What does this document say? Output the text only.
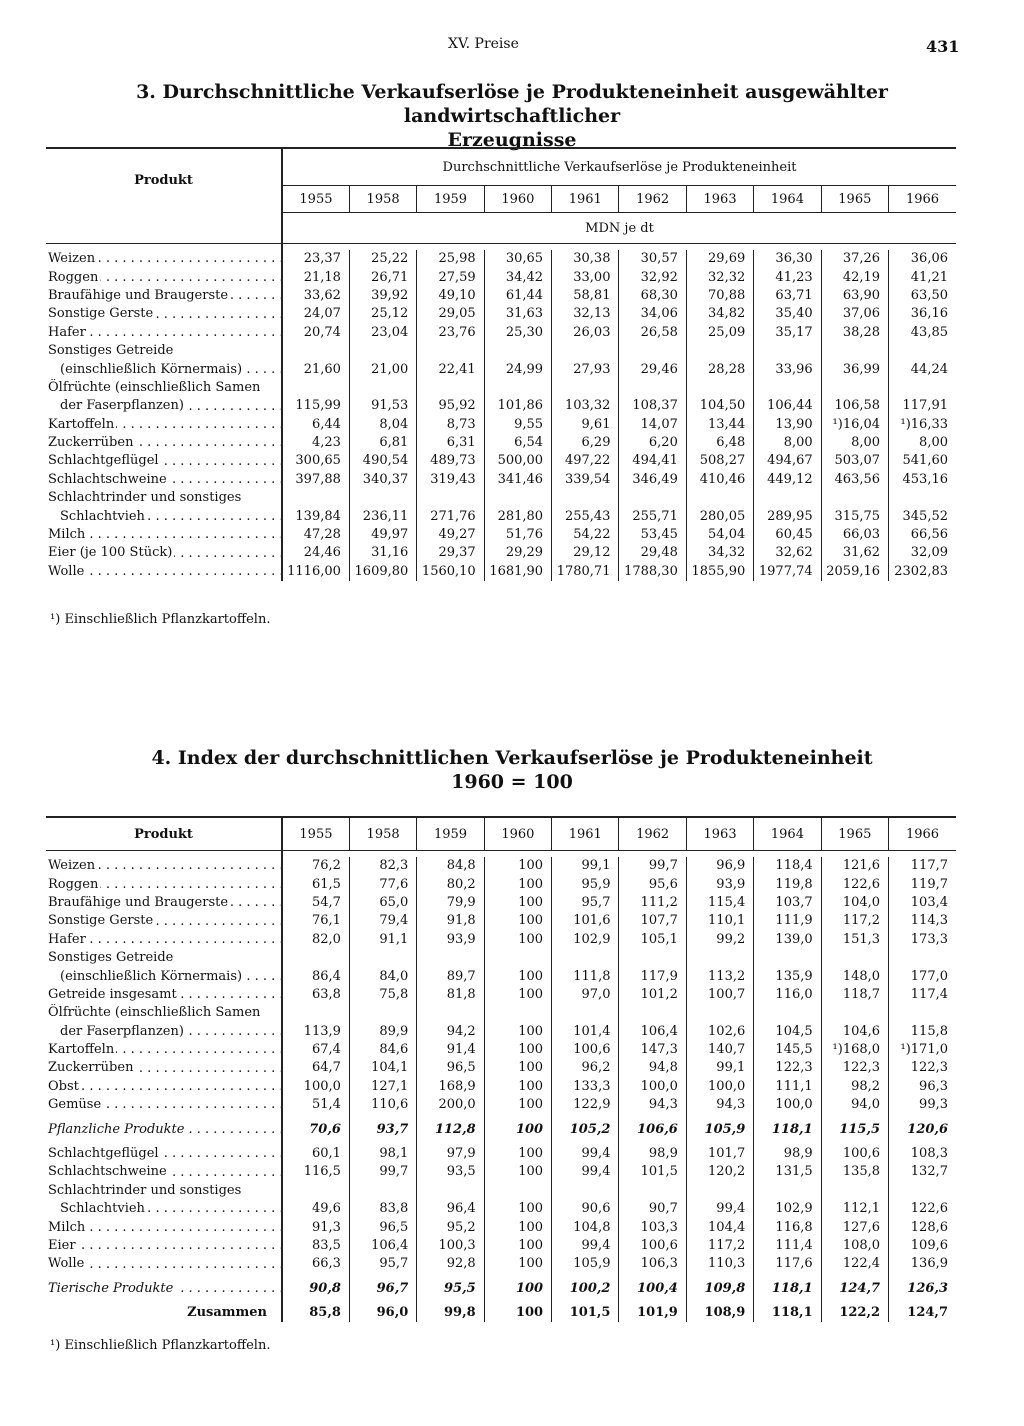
XV. Preise	431
3. Durchschnittliche Verkaufserlöse je Produkteneinheit ausgewählter landwirtschaftlicher
Erzeugnisse
Produkt	Durchschnittliche Verkaufserlöse je Produkteneinheit									
	1955	1958	1959	1960	1961	1962	1963	1964	1965	1966
	MDN je dt									

Weizen . . .	23,37	25,22	25,98	30,65	30,38	30,57	29,69	36,30	37,26	36,06
Roggen . . .	21,18	26,71	27,59	34,42	33,00	32,92	32,32	41,23	42,19	41,21
Braufähige und Braugerste . . .	33,62	39,92	49,10	61,44	58,81	68,30	70,88	63,71	63,90	63,50
Sonstige Gerste . . .	24,07	25,12	29,05	31,63	32,13	34,06	34,82	35,40	37,06	36,16
Hafer . . .	20,74	23,04	23,76	25,30	26,03	26,58	25,09	35,17	38,28	43,85
Sonstiges Getreide										
(einschließlich Körnermais) . . .	21,60	21,00	22,41	24,99	27,93	29,46	28,28	33,96	36,99	44,24
Ölfrüchte (einschließlich Samen										
der Faserpflanzen) . . .	115,99	91,53	95,92	101,86	103,32	108,37	104,50	106,44	106,58	117,91
Kartoffeln . . .	6,44	8,04	8,73	9,55	9,61	14,07	13,44	13,90	¹)16,04	¹)16,33
Zuckerrüben . . .	4,23	6,81	6,31	6,54	6,29	6,20	6,48	8,00	8,00	8,00
Schlachtgeflügel . . .	300,65	490,54	489,73	500,00	497,22	494,41	508,27	494,67	503,07	541,60
Schlachtschweine . . .	397,88	340,37	319,43	341,46	339,54	346,49	410,46	449,12	463,56	453,16
Schlachtrinder und sonstiges										
Schlachtvieh . . .	139,84	236,11	271,76	281,80	255,43	255,71	280,05	289,95	315,75	345,52
Milch . . .	47,28	49,97	49,27	51,76	54,22	53,45	54,04	60,45	66,03	66,56
Eier (je 100 Stück) . . .	24,46	31,16	29,37	29,29	29,12	29,48	34,32	32,62	31,62	32,09
Wolle . . .	1116,00	1609,80	1560,10	1681,90	1780,71	1788,30	1855,90	1977,74	2059,16	2302,83
¹) Einschließlich Pflanzkartoffeln.
4. Index der durchschnittlichen Verkaufserlöse je Produkteneinheit
1960 = 100
Produkt	1955	1958	1959	1960	1961	1962	1963	1964	1965	1966

Weizen . . .	76,2	82,3	84,8	100	99,1	99,7	96,9	118,4	121,6	117,7
Roggen . . .	61,5	77,6	80,2	100	95,9	95,6	93,9	119,8	122,6	119,7
Braufähige und Braugerste . . .	54,7	65,0	79,9	100	95,7	111,2	115,4	103,7	104,0	103,4
Sonstige Gerste . . .	76,1	79,4	91,8	100	101,6	107,7	110,1	111,9	117,2	114,3
Hafer . . .	82,0	91,1	93,9	100	102,9	105,1	99,2	139,0	151,3	173,3
Sonstiges Getreide										
(einschließlich Körnermais) . . .	86,4	84,0	89,7	100	111,8	117,9	113,2	135,9	148,0	177,0
Getreide insgesamt . . .	63,8	75,8	81,8	100	97,0	101,2	100,7	116,0	118,7	117,4
Ölfrüchte (einschließlich Samen										
der Faserpflanzen) . . .	113,9	89,9	94,2	100	101,4	106,4	102,6	104,5	104,6	115,8
Kartoffeln . . .	67,4	84,6	91,4	100	100,6	147,3	140,7	145,5	¹)168,0	¹)171,0
Zuckerrüben . . .	64,7	104,1	96,5	100	96,2	94,8	99,1	122,3	122,3	122,3
Obst . . .	100,0	127,1	168,9	100	133,3	100,0	100,0	111,1	98,2	96,3
Gemüse . . .	51,4	110,6	200,0	100	122,9	94,3	94,3	100,0	94,0	99,3
Pflanzliche Produkte . . .	70,6	93,7	112,8	100	105,2	106,6	105,9	118,1	115,5	120,6
Schlachtgeflügel . . .	60,1	98,1	97,9	100	99,4	98,9	101,7	98,9	100,6	108,3
Schlachtschweine . . .	116,5	99,7	93,5	100	99,4	101,5	120,2	131,5	135,8	132,7
Schlachtrinder und sonstiges										
Schlachtvieh . . .	49,6	83,8	96,4	100	90,6	90,7	99,4	102,9	112,1	122,6
Milch . . .	91,3	96,5	95,2	100	104,8	103,3	104,4	116,8	127,6	128,6
Eier . . .	83,5	106,4	100,3	100	99,4	100,6	117,2	111,4	108,0	109,6
Wolle . . .	66,3	95,7	92,8	100	105,9	106,3	110,3	117,6	122,4	136,9
Tierische Produkte . . .	90,8	96,7	95,5	100	100,2	100,4	109,8	118,1	124,7	126,3
Zusammen	85,8	96,0	99,8	100	101,5	101,9	108,9	118,1	122,2	124,7
¹) Einschließlich Pflanzkartoffeln.
